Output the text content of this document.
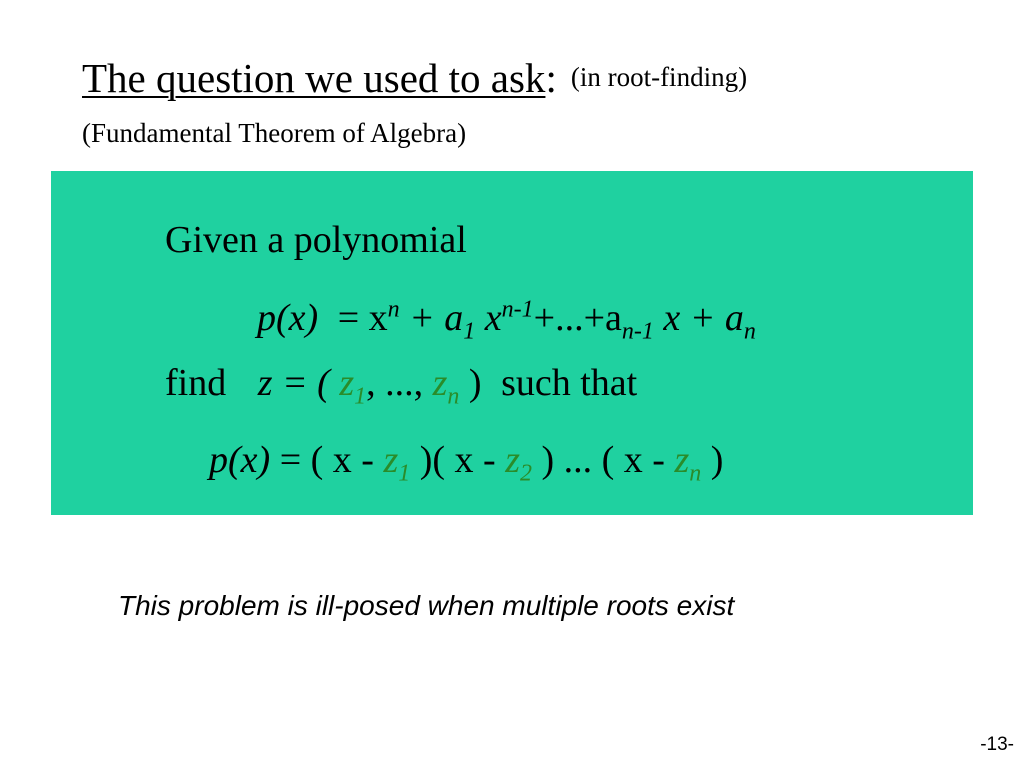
The question we used to ask: (in root-finding)
(Fundamental Theorem of Algebra)
Given a polynomial
$p(x) = x^n + a_1$ $x^{n-1}+...+a_{n-1}$ $x + a_n$
find z = ( $z_1$, ..., $z_n$ ) such that
p(x) = ( x - $z_1$ )( x - $z_2$ ) ... ( x - $z_n$ )
This problem is ill-posed when multiple roots exist
-13-
